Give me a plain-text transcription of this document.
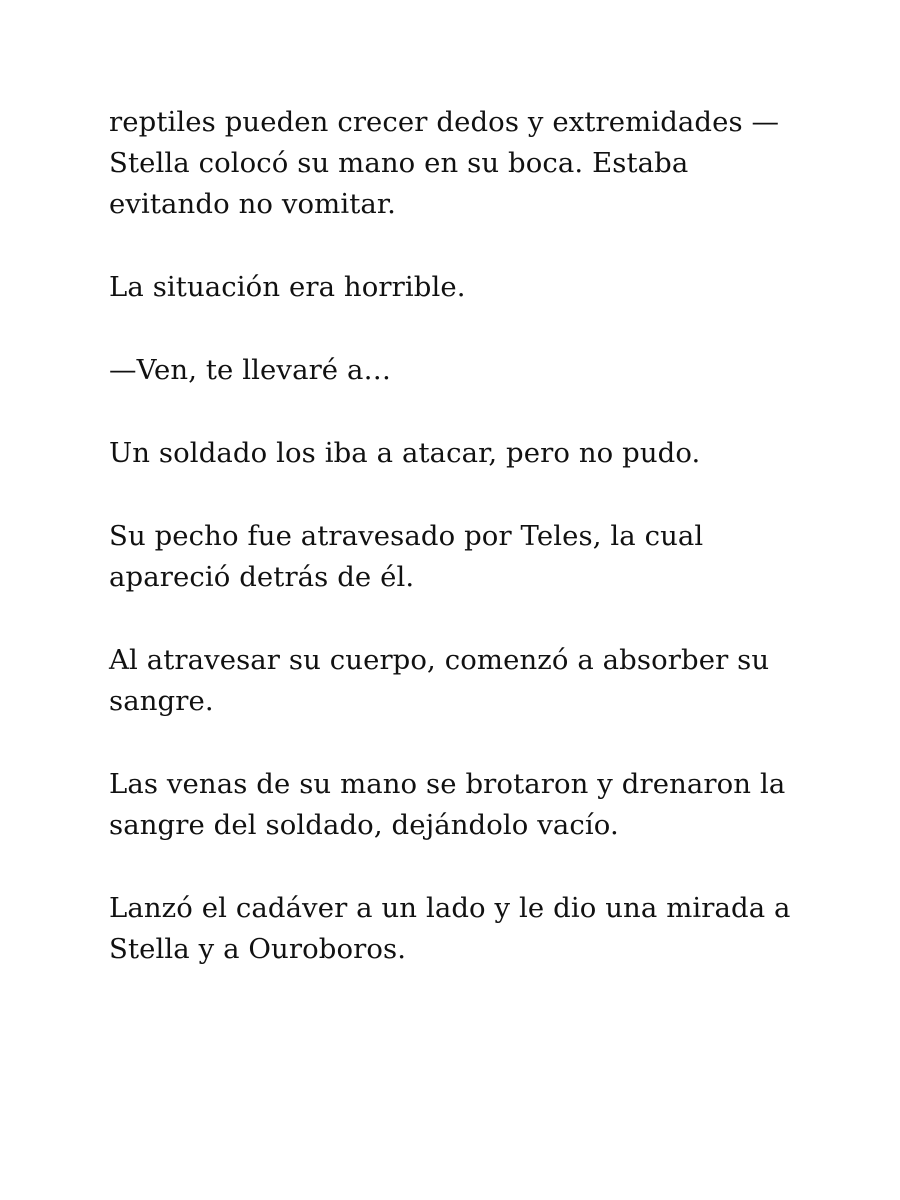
reptiles pueden crecer dedos y extremidades —Stella colocó su mano en su boca. Estaba evitando no vomitar.

La situación era horrible.

—Ven, te llevaré a…

Un soldado los iba a atacar, pero no pudo.

Su pecho fue atravesado por Teles, la cual apareció detrás de él.

Al atravesar su cuerpo, comenzó a absorber su sangre.

Las venas de su mano se brotaron y drenaron la sangre del soldado, dejándolo vacío.

Lanzó el cadáver a un lado y le dio una mirada a Stella y a Ouroboros.
